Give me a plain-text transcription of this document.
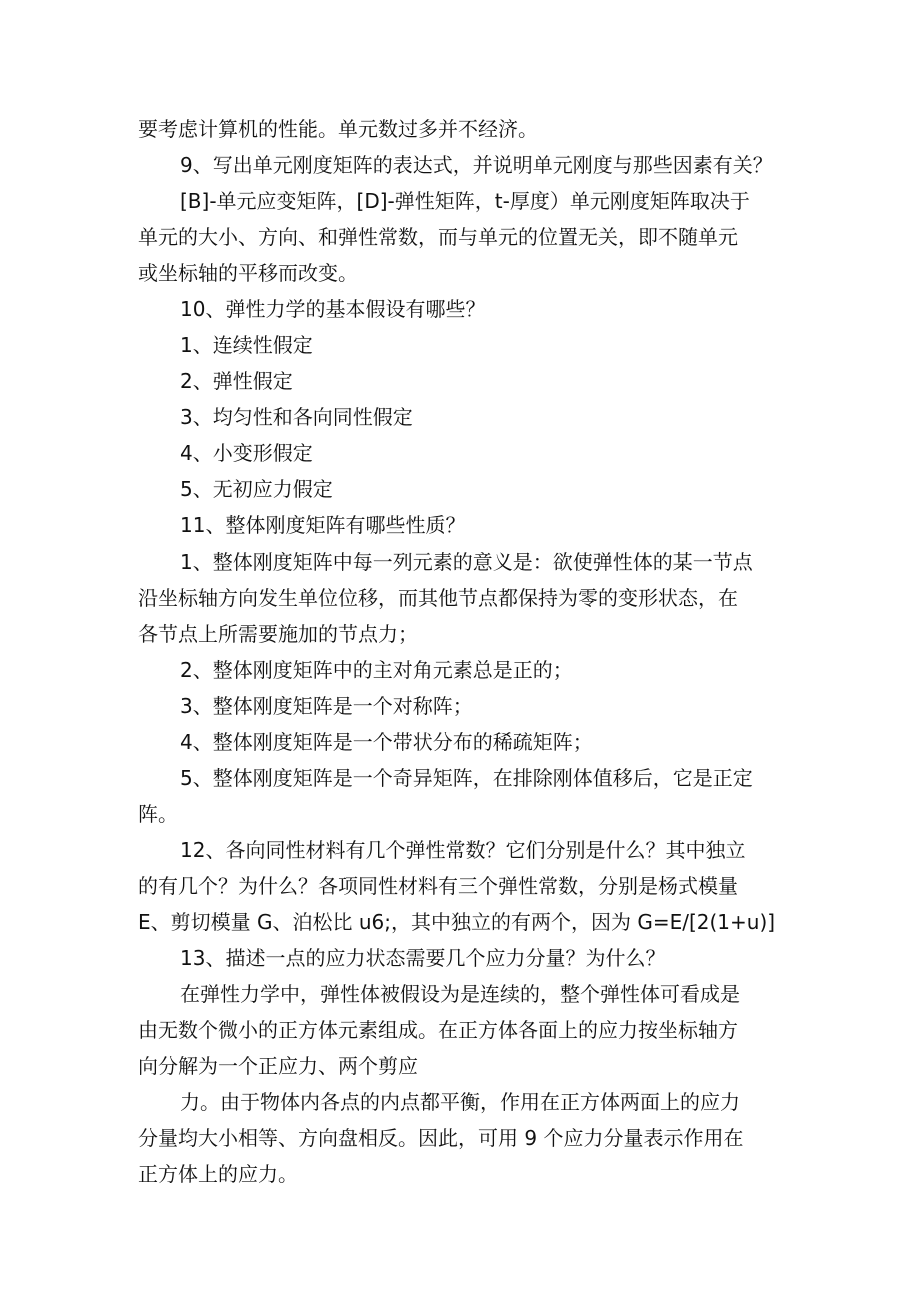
要考虑计算机的性能。单元数过多并不经济。
9、写出单元刚度矩阵的表达式，并说明单元刚度与那些因素有关？
[B]-单元应变矩阵，[D]-弹性矩阵，t-厚度）单元刚度矩阵取决于
单元的大小、方向、和弹性常数，而与单元的位置无关，即不随单元
或坐标轴的平移而改变。
10、弹性力学的基本假设有哪些？
1、连续性假定
2、弹性假定
3、均匀性和各向同性假定
4、小变形假定
5、无初应力假定
11、整体刚度矩阵有哪些性质？
1、整体刚度矩阵中每一列元素的意义是：欲使弹性体的某一节点
沿坐标轴方向发生单位位移，而其他节点都保持为零的变形状态，在
各节点上所需要施加的节点力；
2、整体刚度矩阵中的主对角元素总是正的；
3、整体刚度矩阵是一个对称阵；
4、整体刚度矩阵是一个带状分布的稀疏矩阵；
5、整体刚度矩阵是一个奇异矩阵，在排除刚体值移后，它是正定
阵。
12、各向同性材料有几个弹性常数？它们分别是什么？其中独立
的有几个？为什么？各项同性材料有三个弹性常数，分别是杨式模量
E、剪切模量 G、泊松比 u6;，其中独立的有两个，因为 G=E/[2(1+u)]
13、描述一点的应力状态需要几个应力分量？为什么？
在弹性力学中，弹性体被假设为是连续的，整个弹性体可看成是
由无数个微小的正方体元素组成。在正方体各面上的应力按坐标轴方
向分解为一个正应力、两个剪应
力。由于物体内各点的内点都平衡，作用在正方体两面上的应力
分量均大小相等、方向盘相反。因此，可用 9 个应力分量表示作用在
正方体上的应力。
